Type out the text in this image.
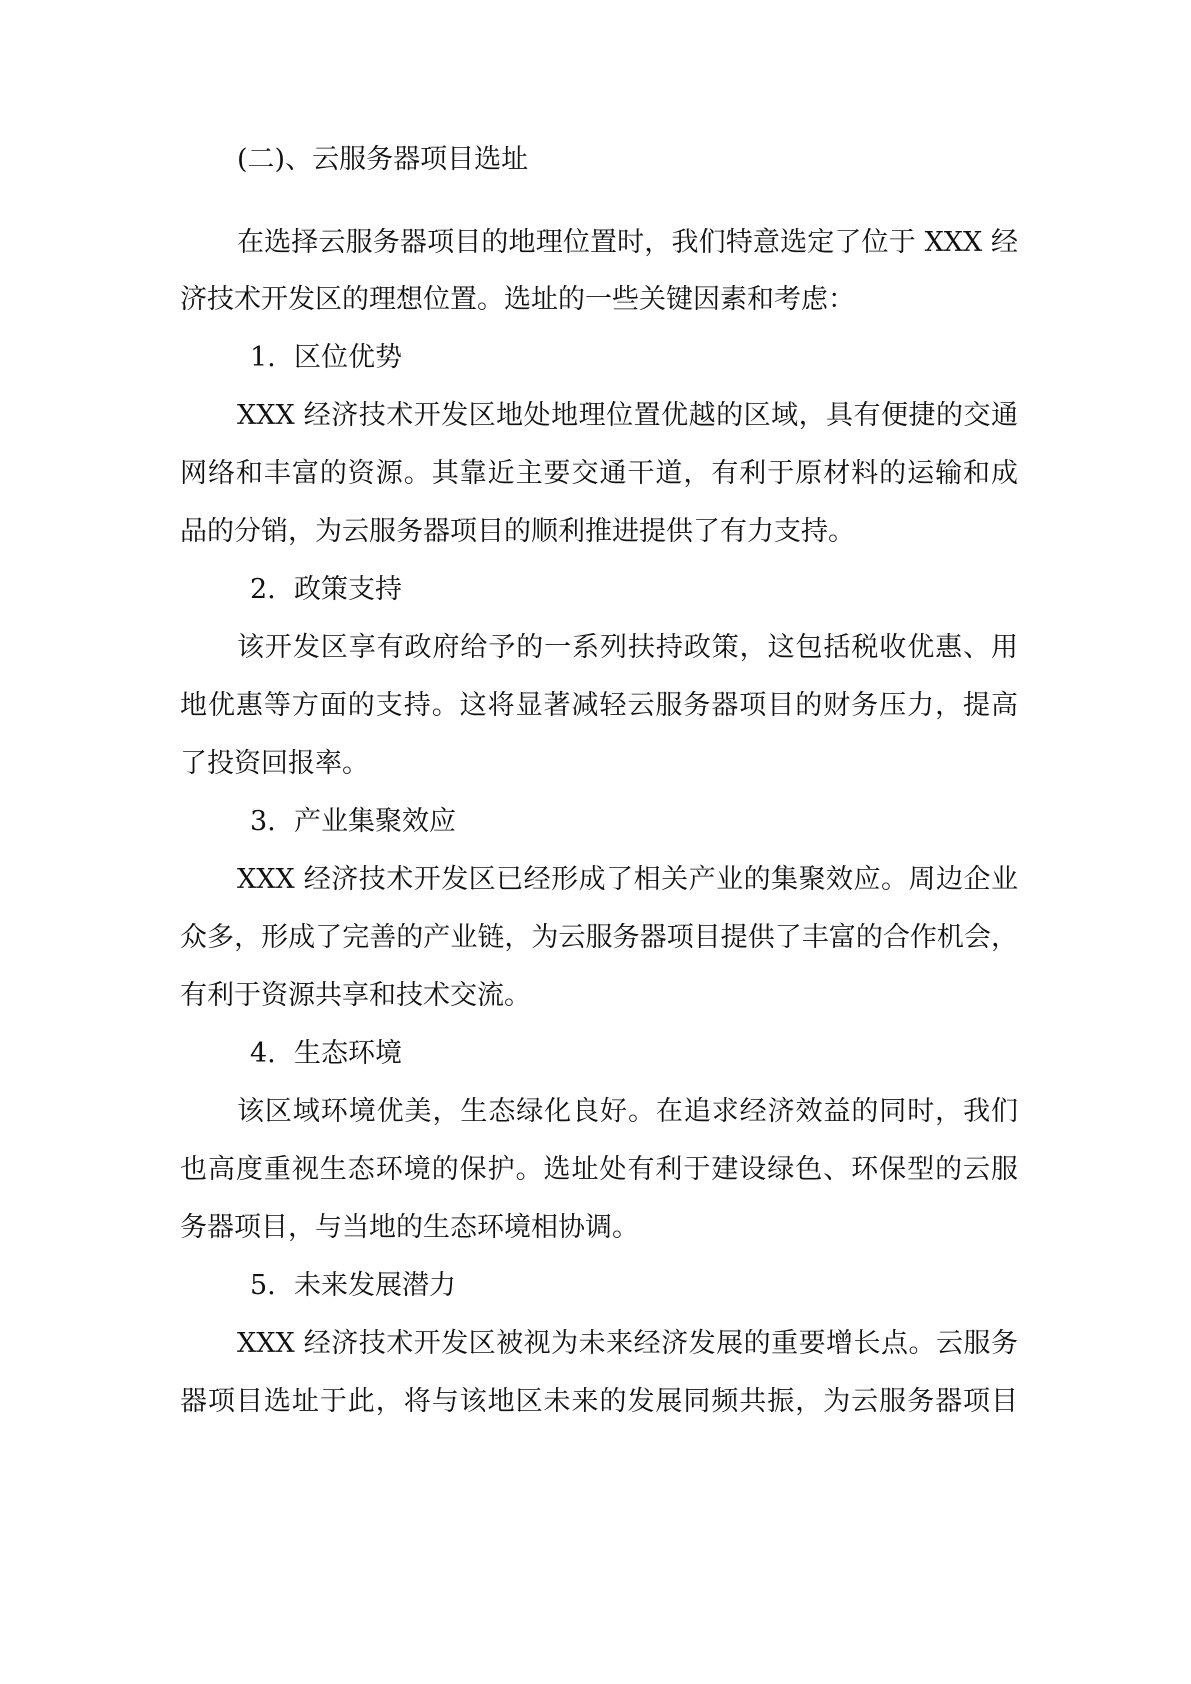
(二)、云服务器项目选址
在选择云服务器项目的地理位置时，我们特意选定了位于 XXX 经
济技术开发区的理想位置。选址的一些关键因素和考虑：
1. 区位优势
XXX 经济技术开发区地处地理位置优越的区域，具有便捷的交通
网络和丰富的资源。其靠近主要交通干道，有利于原材料的运输和成
品的分销，为云服务器项目的顺利推进提供了有力支持。
2. 政策支持
该开发区享有政府给予的一系列扶持政策，这包括税收优惠、用
地优惠等方面的支持。这将显著减轻云服务器项目的财务压力，提高
了投资回报率。
3. 产业集聚效应
XXX 经济技术开发区已经形成了相关产业的集聚效应。周边企业
众多，形成了完善的产业链，为云服务器项目提供了丰富的合作机会，
有利于资源共享和技术交流。
4. 生态环境
该区域环境优美，生态绿化良好。在追求经济效益的同时，我们
也高度重视生态环境的保护。选址处有利于建设绿色、环保型的云服
务器项目，与当地的生态环境相协调。
5. 未来发展潜力
XXX 经济技术开发区被视为未来经济发展的重要增长点。云服务
器项目选址于此，将与该地区未来的发展同频共振，为云服务器项目
